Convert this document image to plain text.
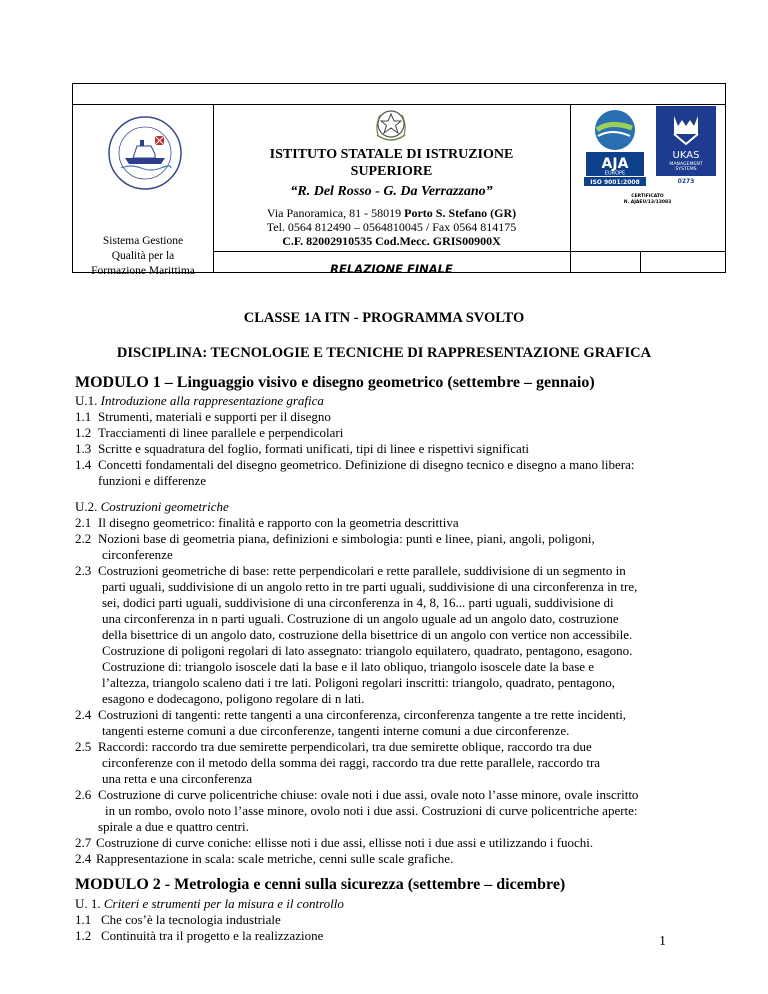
Sistema Gestione
Qualità per la
Formazione Marittima
ISTITUTO STATALE DI ISTRUZIONE
SUPERIORE
“R. Del Rosso - G. Da Verrazzano”
Via Panoramica, 81 - 58019 Porto S. Stefano (GR)
Tel. 0564 812490 – 0564810045 / Fax 0564 814175
C.F. 82002910535 Cod.Mecc. GRIS00900X
RELAZIONE FINALE
AJA
EUROPE
ISO 9001:2008
UKAS
MANAGEMENT
SYSTEMS
0273
CERTIFICATO
N. AJAEU/13/13083
CLASSE 1A ITN - PROGRAMMA SVOLTO
DISCIPLINA: TECNOLOGIE E TECNICHE DI RAPPRESENTAZIONE GRAFICA
MODULO 1 – Linguaggio visivo e disegno geometrico (settembre – gennaio)
U.1. Introduzione alla rappresentazione grafica
1.1 Strumenti, materiali e supporti per il disegno
1.2 Tracciamenti di linee parallele e perpendicolari
1.3 Scritte e squadratura del foglio, formati unificati, tipi di linee e rispettivi significati
1.4 Concetti fondamentali del disegno geometrico. Definizione di disegno tecnico e disegno a mano libera:
funzioni e differenze
U.2. Costruzioni geometriche
2.1 Il disegno geometrico: finalità e rapporto con la geometria descrittiva
2.2 Nozioni base di geometria piana, definizioni e simbologia: punti e linee, piani, angoli, poligoni,
circonferenze
2.3 Costruzioni geometriche di base: rette perpendicolari e rette parallele, suddivisione di un segmento in
parti uguali, suddivisione di un angolo retto in tre parti uguali, suddivisione di una circonferenza in tre,
sei, dodici parti uguali, suddivisione di una circonferenza in 4, 8, 16... parti uguali, suddivisione di
una circonferenza in n parti uguali. Costruzione di un angolo uguale ad un angolo dato, costruzione
della bisettrice di un angolo dato, costruzione della bisettrice di un angolo con vertice non accessibile.
Costruzione di poligoni regolari di lato assegnato: triangolo equilatero, quadrato, pentagono, esagono.
Costruzione di: triangolo isoscele dati la base e il lato obliquo, triangolo isoscele date la base e
l’altezza, triangolo scaleno dati i tre lati. Poligoni regolari inscritti: triangolo, quadrato, pentagono,
esagono e dodecagono, poligono regolare di n lati.
2.4 Costruzioni di tangenti: rette tangenti a una circonferenza, circonferenza tangente a tre rette incidenti,
tangenti esterne comuni a due circonferenze, tangenti interne comuni a due circonferenze.
2.5 Raccordi: raccordo tra due semirette perpendicolari, tra due semirette oblique, raccordo tra due
circonferenze con il metodo della somma dei raggi, raccordo tra due rette parallele, raccordo tra
una retta e una circonferenza
2.6 Costruzione di curve policentriche chiuse: ovale noti i due assi, ovale noto l’asse minore, ovale inscritto
in un rombo, ovolo noto l’asse minore, ovolo noti i due assi. Costruzioni di curve policentriche aperte:
spirale a due e quattro centri.
2.7 Costruzione di curve coniche: ellisse noti i due assi, ellisse noti i due assi e utilizzando i fuochi.
2.4 Rappresentazione in scala: scale metriche, cenni sulle scale grafiche.
MODULO 2 - Metrologia e cenni sulla sicurezza (settembre – dicembre)
U. 1. Criteri e strumenti per la misura e il controllo
1.1 Che cos’è la tecnologia industriale
1.2 Continuità tra il progetto e la realizzazione	1
